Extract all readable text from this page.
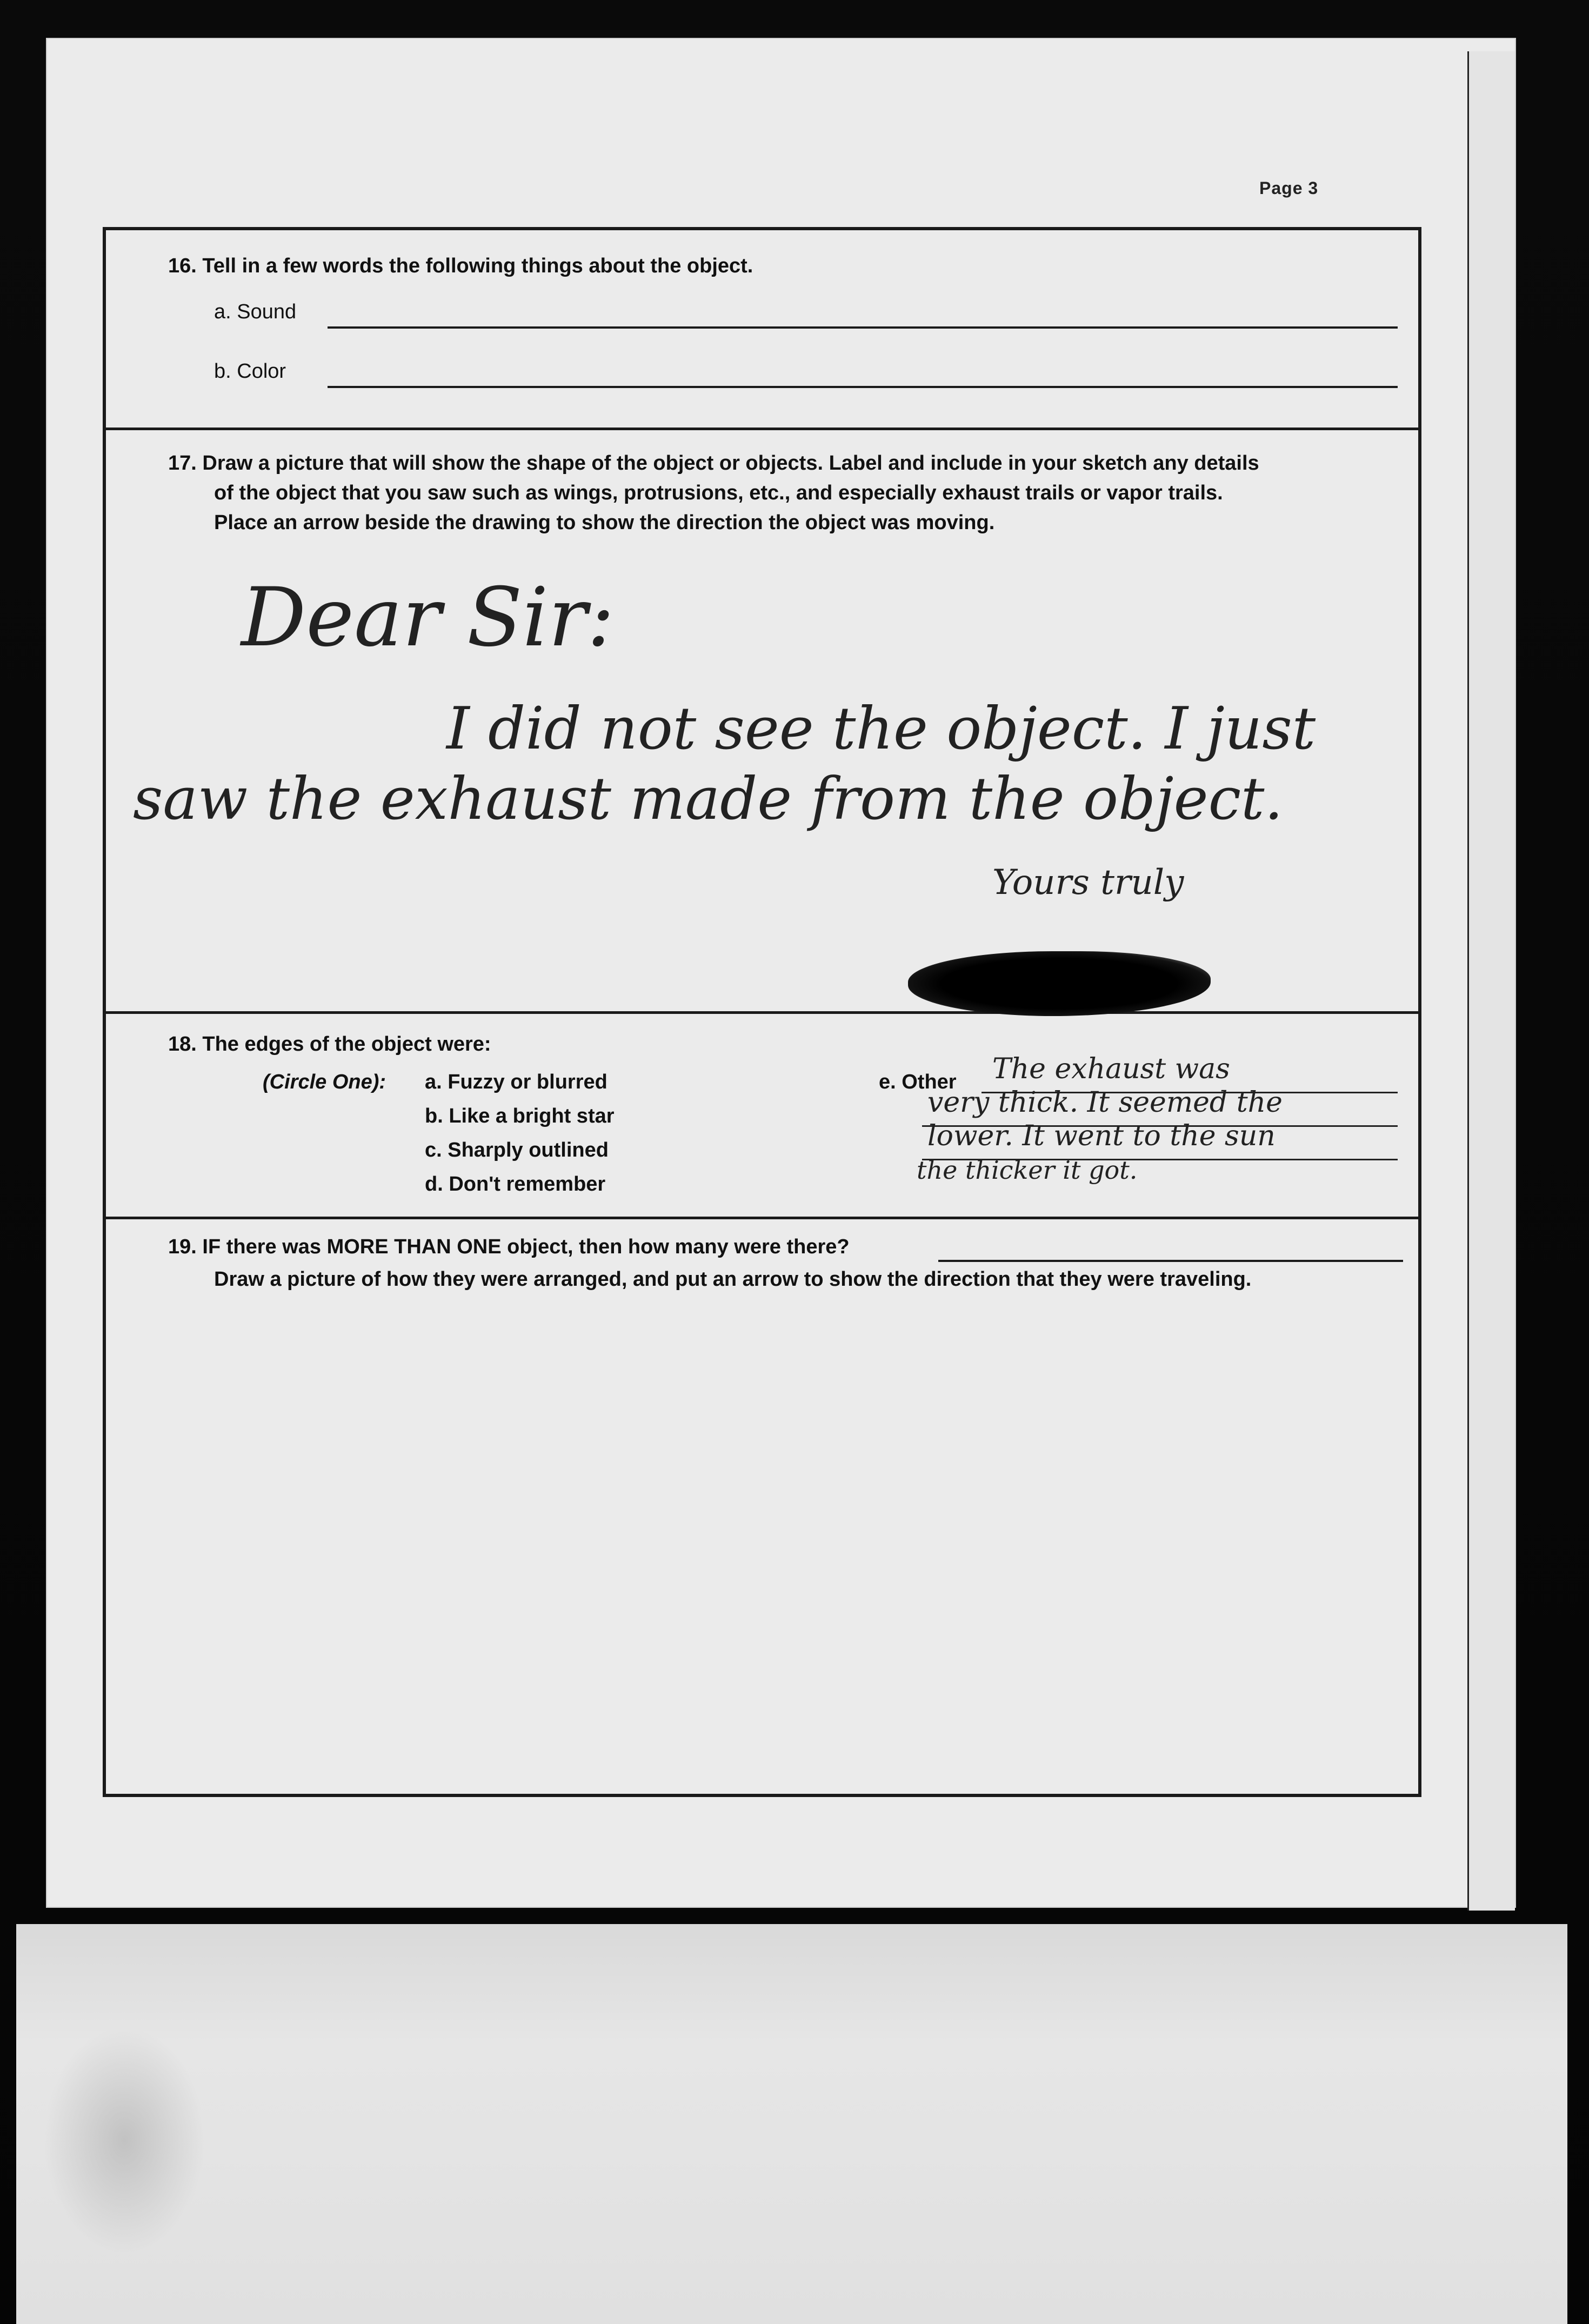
Page 3
16. Tell in a few words the following things about the object.
a. Sound
b. Color
17. Draw a picture that will show the shape of the object or objects. Label and include in your sketch any details
of the object that you saw such as wings, protrusions, etc., and especially exhaust trails or vapor trails.
Place an arrow beside the drawing to show the direction the object was moving.
Dear Sir:
I did not see the object. I just
saw the exhaust made from the object.
Yours truly
18. The edges of the object were:
(Circle One): a. Fuzzy or blurred
b. Like a bright star
c. Sharply outlined
d. Don't remember
e. Other The exhaust was
very thick. It seemed the
lower. It went to the sun
the thicker it got.
19. IF there was MORE THAN ONE object, then how many were there?
Draw a picture of how they were arranged, and put an arrow to show the direction that they were traveling.
